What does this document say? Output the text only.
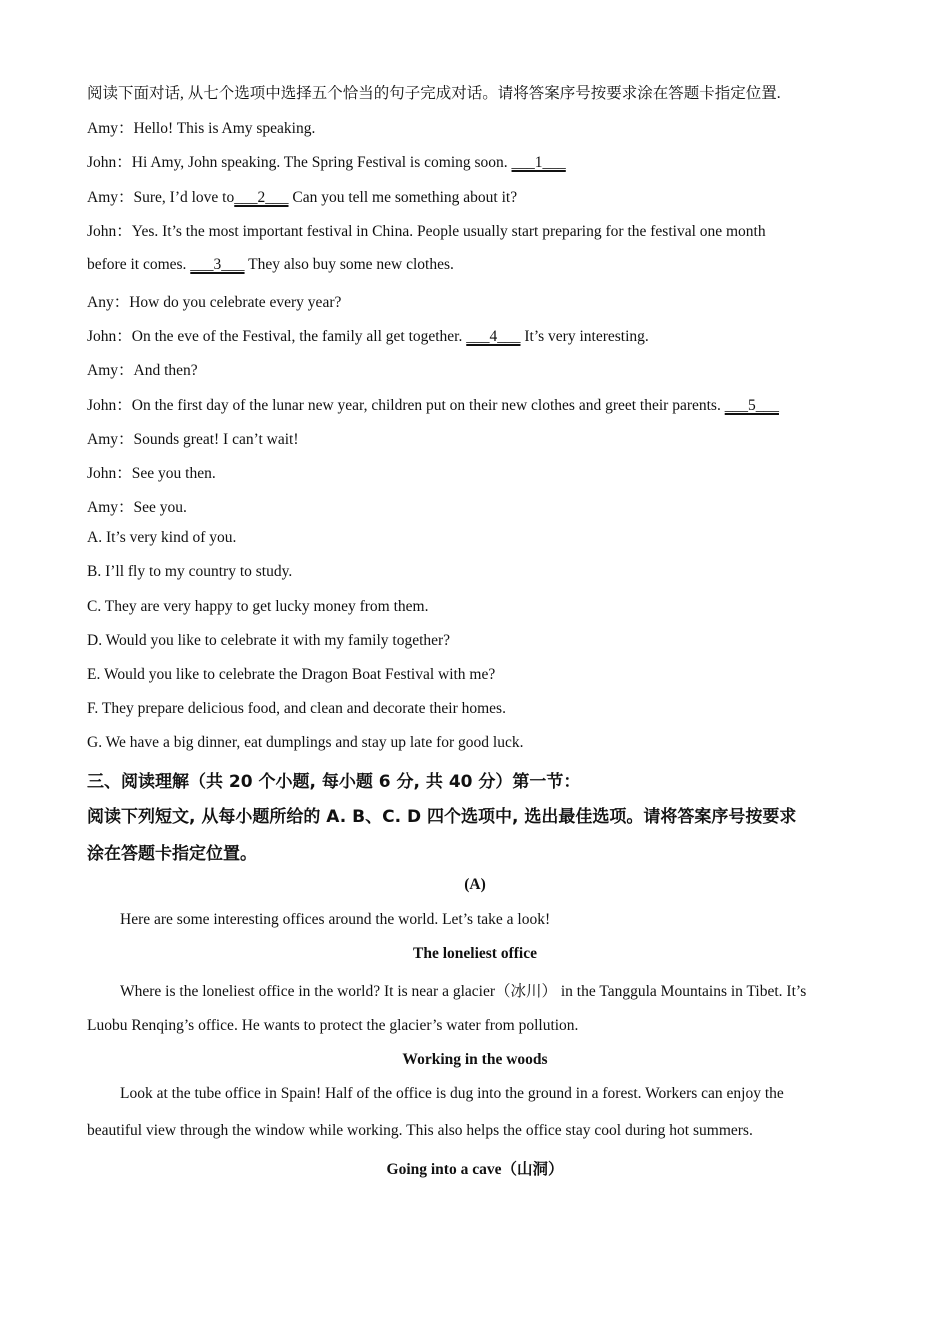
阅读下面对话, 从七个选项中选择五个恰当的句子完成对话。请将答案序号按要求涂在答题卡指定位置.
Amy：Hello! This is Amy speaking.
John：Hi Amy, John speaking. The Spring Festival is coming soon. ___1___
Amy：Sure, I’d love to___2___ Can you tell me something about it?
John：Yes. It’s the most important festival in China. People usually start preparing for the festival one month
before it comes. ___3___ They also buy some new clothes.
Any：How do you celebrate every year?
John：On the eve of the Festival, the family all get together. ___4___ It’s very interesting.
Amy：And then?
John：On the first day of the lunar new year, children put on their new clothes and greet their parents. ___5___
Amy：Sounds great! I can’t wait!
John：See you then.
Amy：See you.
A. It’s very kind of you.
B. I’ll fly to my country to study.
C. They are very happy to get lucky money from them.
D. Would you like to celebrate it with my family together?
E. Would you like to celebrate the Dragon Boat Festival with me?
F. They prepare delicious food, and clean and decorate their homes.
G. We have a big dinner, eat dumplings and stay up late for good luck.
三、阅读理解（共 20 个小题, 每小题 6 分, 共 40 分）第一节：
阅读下列短文, 从每小题所给的 A. B、C. D 四个选项中, 选出最佳选项。请将答案序号按要求
涂在答题卡指定位置。
(A)
Here are some interesting offices around the world. Let’s take a look!
The loneliest office
Where is the loneliest office in the world? It is near a glacier（冰川） in the Tanggula Mountains in Tibet. It’s
Luobu Renqing’s office. He wants to protect the glacier’s water from pollution.
Working in the woods
Look at the tube office in Spain! Half of the office is dug into the ground in a forest. Workers can enjoy the
beautiful view through the window while working. This also helps the office stay cool during hot summers.
Going into a cave（山洞）
